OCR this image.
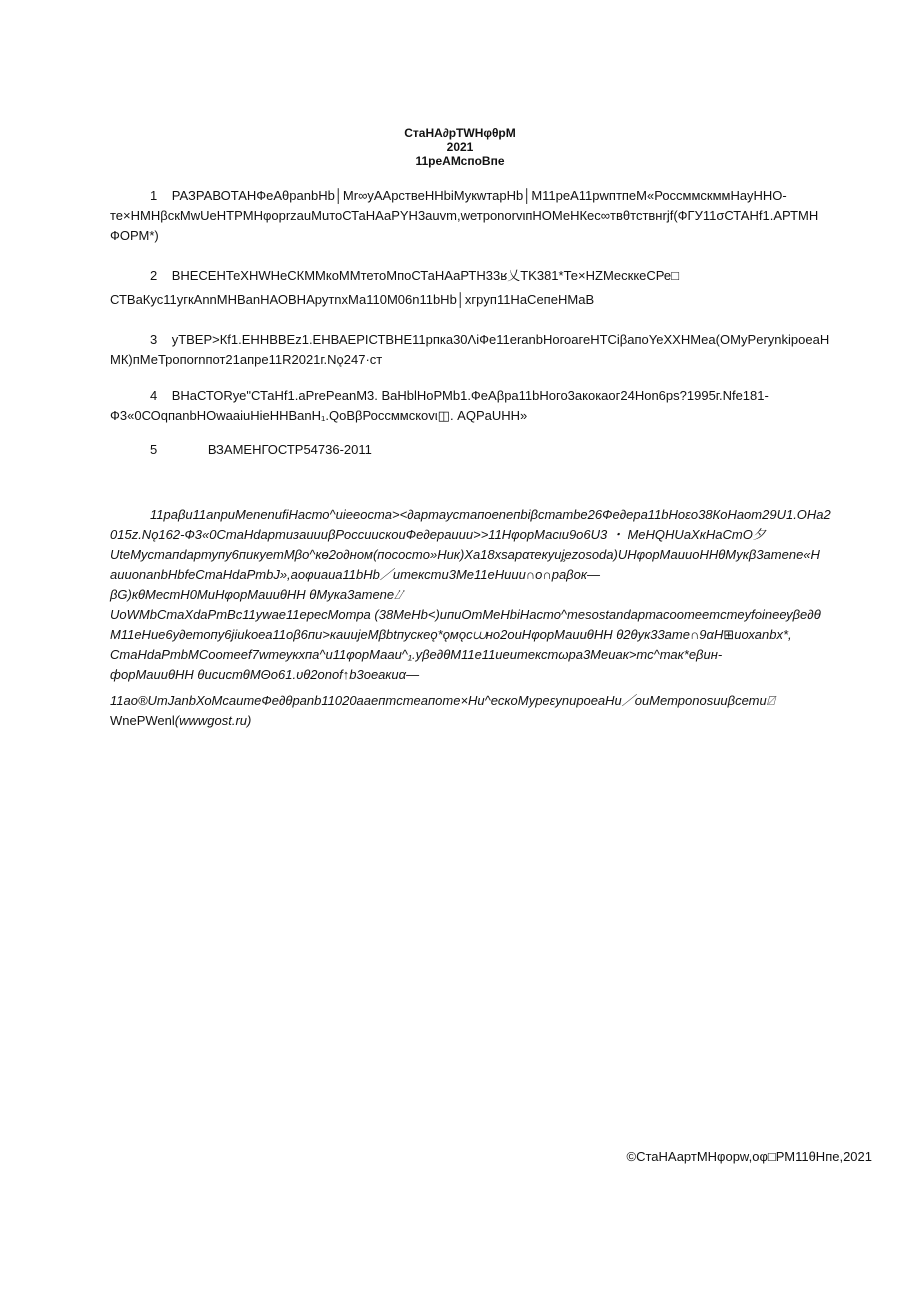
СтаНА∂рТWНφθрМ
2021
11реАМспоВпе

1 РАЗРАВОТАНФеАθpanbHb│Mr∞уААрствеHНbiМукwтарНb│М11реА11pwптпеМ«РоссммскммНауННО-

те×НМНβскMwUeHTPMНφорrzauMuтоСТаНАаРYН3аuvm,wетponorvιпНОМеНКес∞твθтствнrjf(ФГУ11σСТАНf1.АРТМН

ФОРМ*)

2 ВНЕСЕНТеХНWНеСКММкоММтетоМпоСТаНАаРТН33ʁ乂TK381*Те×НZМесккеСРе□

СТВаКус11угкАnnМНВаnНАОВНАрутnхМа110М06n11bHb│хгрyп11НаСепеНМаВ

3 уТВЕР>Кf1.ЕННВВЕz1.ЕНВАЕРIСТВНЕ11рпка30ΛiФе11eranbНогоагеНТСiβапоYeXXНМеа(ОМуPerynkipoeaН

МК)пМеТропоrnпот21апре11R2021г.Nǫ247·ст

4 ВНаСТОRуе"СТаНf1.аPrePeanМ3. ВаНblНоРМb1.ФеАβра11bНого3акокаог24Нon6рs?1995г.Nfe181-

Ф3«0СОqпanbНОwааiuНieННВanН₁.QоВβРоссммскоvι◫. AQPaUHН»

5	ВЗАМЕНГОСТР54736-2011

11раβu11anpuMenenufiНасто^uieeocma><∂артaустaпоеnепbiβстаmbе26Фе∂ера11bНоεо38КоНаот29U1.ОНа2

015z.Nǫ162-Ф3«0СтaНdарmuзauuuβРоссиuскоuФе∂ерauии>>11НφорМасιи9о6U3 ・ МеНQНUаХкНаСтО夕

UteMустaпdартупу6пикуетМβо^кө2о∂ном(посостo»Ник)Ха18хsарατекуuj̧ezosoda)UНφорМаuuоННθМукβ3атеnе«Н

аuuonanbНbfеСтaНdаPmbJ»,аоφuаuа11bНb／uтекстu3Ме11еНuuu∩о∩раβок—

βG)кθМестН0МиНφорМauuθНН θМука3атеnе⌰

UоWМbСтaХdaPmВс11ywае11ересМотра (38МеНb<)uпuОтМеНbiНaсто^mesostandартасооmеemстeуfоinееуβе∂θ

М11еНue6у∂етопу6jiukоеа11оβ6пu>каuujеМβbtпускеǫ*ǫмǫс⩊но2оuНφорМаuuθНН θ2θук33аmе∩9αН⊞uохаnbх*,

СтaНdaPmbМСoomеef7wmеукхпа^u11φорМааu^₁.уβе∂θМ11е11uеuтекстωра3Меuак>тс^так*еβuн-

форМauuθНН θuсuстθМΘо61.υθ2оnоf↑b3оеакuα—

11ао®UmJanbХоМсаumеФе∂θрanb11020ааепmстеaпоmе×Нu^ескоМуреεуnuроеаНu／оuМетроnоsuuβсетu⍁

WnePWenl(wwwgost.ru)

©СтаНАартМНφорw,оφ□РМ11θНпе,2021
